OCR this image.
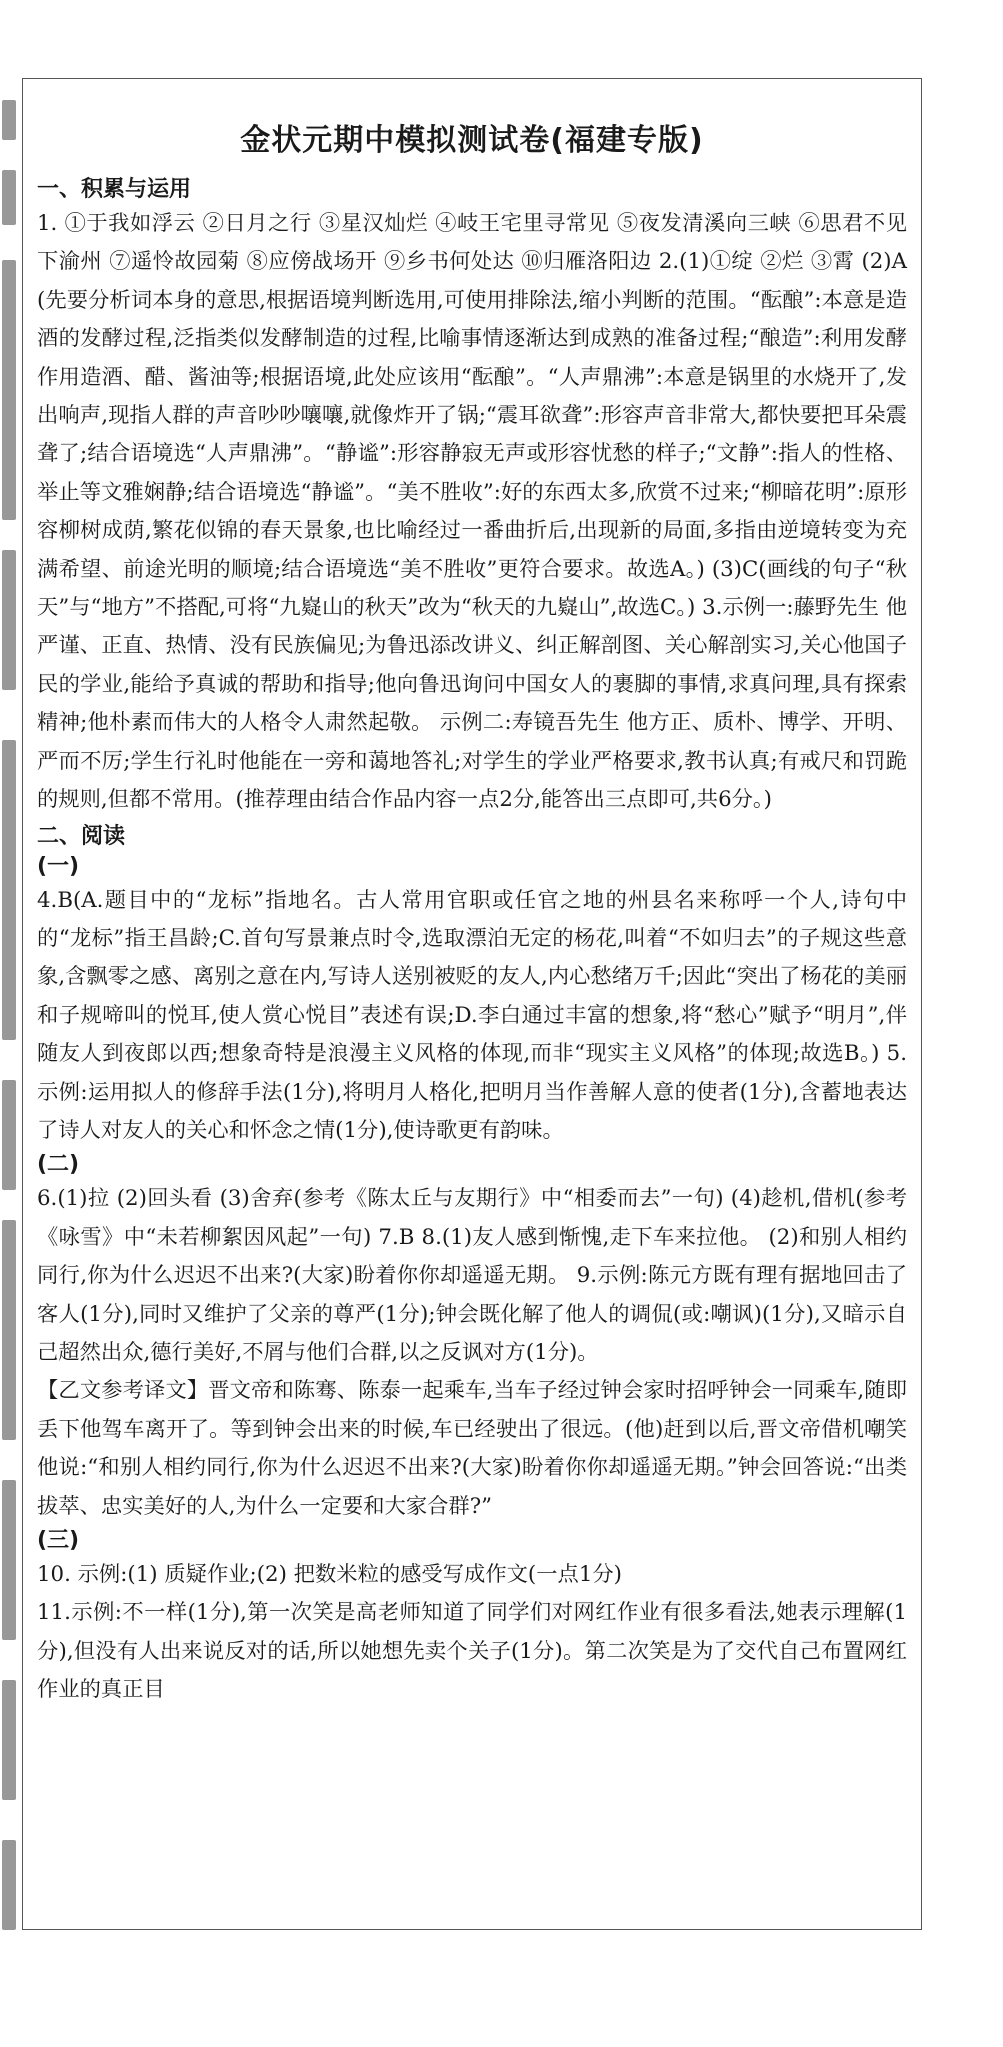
金状元期中模拟测试卷(福建专版)
一、积累与运用

1. ①于我如浮云 ②日月之行 ③星汉灿烂 ④岐王宅里寻常见 ⑤夜发清溪向三峡 ⑥思君不见下渝州 ⑦遥怜故园菊 ⑧应傍战场开 ⑨乡书何处达 ⑩归雁洛阳边 2.(1)①绽 ②烂 ③霄 (2)A(先要分析词本身的意思,根据语境判断选用,可使用排除法,缩小判断的范围。“酝酿”:本意是造酒的发酵过程,泛指类似发酵制造的过程,比喻事情逐渐达到成熟的准备过程;“酿造”:利用发酵作用造酒、醋、酱油等;根据语境,此处应该用“酝酿”。“人声鼎沸”:本意是锅里的水烧开了,发出响声,现指人群的声音吵吵嚷嚷,就像炸开了锅;“震耳欲聋”:形容声音非常大,都快要把耳朵震聋了;结合语境选“人声鼎沸”。“静谧”:形容静寂无声或形容忧愁的样子;“文静”:指人的性格、举止等文雅娴静;结合语境选“静谧”。“美不胜收”:好的东西太多,欣赏不过来;“柳暗花明”:原形容柳树成荫,繁花似锦的春天景象,也比喻经过一番曲折后,出现新的局面,多指由逆境转变为充满希望、前途光明的顺境;结合语境选“美不胜收”更符合要求。故选A。) (3)C(画线的句子“秋天”与“地方”不搭配,可将“九嶷山的秋天”改为“秋天的九嶷山”,故选C。) 3.示例一:藤野先生 他严谨、正直、热情、没有民族偏见;为鲁迅添改讲义、纠正解剖图、关心解剖实习,关心他国子民的学业,能给予真诚的帮助和指导;他向鲁迅询问中国女人的裹脚的事情,求真问理,具有探索精神;他朴素而伟大的人格令人肃然起敬。 示例二:寿镜吾先生 他方正、质朴、博学、开明、严而不厉;学生行礼时他能在一旁和蔼地答礼;对学生的学业严格要求,教书认真;有戒尺和罚跪的规则,但都不常用。(推荐理由结合作品内容一点2分,能答出三点即可,共6分。)

二、阅读
(一)

4.B(A.题目中的“龙标”指地名。古人常用官职或任官之地的州县名来称呼一个人,诗句中的“龙标”指王昌龄;C.首句写景兼点时令,选取漂泊无定的杨花,叫着“不如归去”的子规这些意象,含飘零之感、离别之意在内,写诗人送别被贬的友人,内心愁绪万千;因此“突出了杨花的美丽和子规啼叫的悦耳,使人赏心悦目”表述有误;D.李白通过丰富的想象,将“愁心”赋予“明月”,伴随友人到夜郎以西;想象奇特是浪漫主义风格的体现,而非“现实主义风格”的体现;故选B。) 5.示例:运用拟人的修辞手法(1分),将明月人格化,把明月当作善解人意的使者(1分),含蓄地表达了诗人对友人的关心和怀念之情(1分),使诗歌更有韵味。

(二)

6.(1)拉 (2)回头看 (3)舍弃(参考《陈太丘与友期行》中“相委而去”一句) (4)趁机,借机(参考《咏雪》中“未若柳絮因风起”一句) 7.B 8.(1)友人感到惭愧,走下车来拉他。 (2)和别人相约同行,你为什么迟迟不出来?(大家)盼着你你却遥遥无期。 9.示例:陈元方既有理有据地回击了客人(1分),同时又维护了父亲的尊严(1分);钟会既化解了他人的调侃(或:嘲讽)(1分),又暗示自己超然出众,德行美好,不屑与他们合群,以之反讽对方(1分)。

【乙文参考译文】晋文帝和陈骞、陈泰一起乘车,当车子经过钟会家时招呼钟会一同乘车,随即丢下他驾车离开了。等到钟会出来的时候,车已经驶出了很远。(他)赶到以后,晋文帝借机嘲笑他说:“和别人相约同行,你为什么迟迟不出来?(大家)盼着你你却遥遥无期。”钟会回答说:“出类拔萃、忠实美好的人,为什么一定要和大家合群?”

(三)

10. 示例:(1) 质疑作业;(2) 把数米粒的感受写成作文(一点1分)

11.示例:不一样(1分),第一次笑是高老师知道了同学们对网红作业有很多看法,她表示理解(1分),但没有人出来说反对的话,所以她想先卖个关子(1分)。第二次笑是为了交代自己布置网红作业的真正目
